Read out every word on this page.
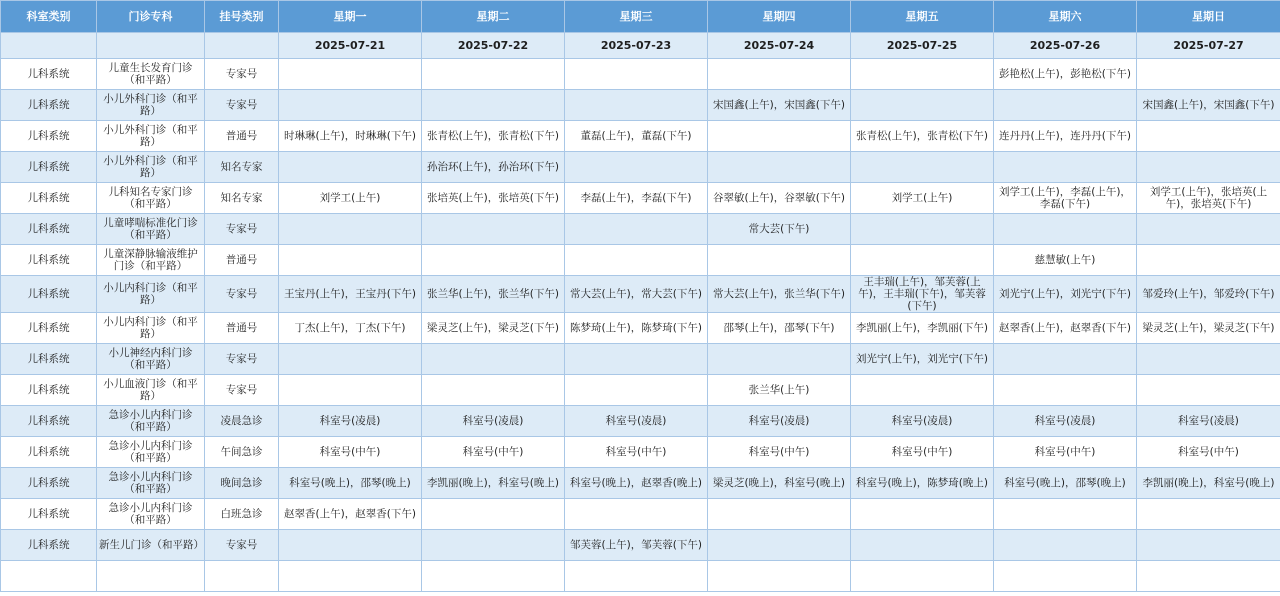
科室类别	门诊专科	挂号类别	星期一	星期二	星期三	星期四	星期五	星期六	星期日
			2025-07-21	2025-07-22	2025-07-23	2025-07-24	2025-07-25	2025-07-26	2025-07-27
儿科系统	儿童生长发育门诊（和平路）	专家号						彭艳松(上午)，彭艳松(下午)	
儿科系统	小儿外科门诊（和平路）	专家号				宋国鑫(上午)，宋国鑫(下午)			宋国鑫(上午)，宋国鑫(下午)
儿科系统	小儿外科门诊（和平路）	普通号	时琳琳(上午)，时琳琳(下午)	张青松(上午)，张青松(下午)	董磊(上午)，董磊(下午)		张青松(上午)，张青松(下午)	连丹丹(上午)，连丹丹(下午)	
儿科系统	小儿外科门诊（和平路）	知名专家		孙治环(上午)，孙治环(下午)					
儿科系统	儿科知名专家门诊（和平路）	知名专家	刘学工(上午)	张培英(上午)，张培英(下午)	李磊(上午)，李磊(下午)	谷翠敏(上午)，谷翠敏(下午)	刘学工(上午)	刘学工(上午)，李磊(上午)，李磊(下午)	刘学工(上午)，张培英(上午)，张培英(下午)
儿科系统	儿童哮喘标准化门诊（和平路）	专家号				常大芸(下午)			
儿科系统	儿童深静脉输液维护门诊（和平路）	普通号						慈慧敏(上午)	
儿科系统	小儿内科门诊（和平路）	专家号	王宝丹(上午)，王宝丹(下午)	张兰华(上午)，张兰华(下午)	常大芸(上午)，常大芸(下午)	常大芸(上午)，张兰华(下午)	王丰瑞(上午)，邹芙蓉(上午)，王丰瑞(下午)，邹芙蓉(下午)	刘光宁(上午)，刘光宁(下午)	邹爱玲(上午)，邹爱玲(下午)
儿科系统	小儿内科门诊（和平路）	普通号	丁杰(上午)，丁杰(下午)	梁灵芝(上午)，梁灵芝(下午)	陈梦琦(上午)，陈梦琦(下午)	邵琴(上午)，邵琴(下午)	李凯丽(上午)，李凯丽(下午)	赵翠香(上午)，赵翠香(下午)	梁灵芝(上午)，梁灵芝(下午)
儿科系统	小儿神经内科门诊（和平路）	专家号					刘光宁(上午)，刘光宁(下午)		
儿科系统	小儿血液门诊（和平路）	专家号				张兰华(上午)			
儿科系统	急诊小儿内科门诊（和平路）	凌晨急诊	科室号(凌晨)	科室号(凌晨)	科室号(凌晨)	科室号(凌晨)	科室号(凌晨)	科室号(凌晨)	科室号(凌晨)
儿科系统	急诊小儿内科门诊（和平路）	午间急诊	科室号(中午)	科室号(中午)	科室号(中午)	科室号(中午)	科室号(中午)	科室号(中午)	科室号(中午)
儿科系统	急诊小儿内科门诊（和平路）	晚间急诊	科室号(晚上)，邵琴(晚上)	李凯丽(晚上)，科室号(晚上)	科室号(晚上)，赵翠香(晚上)	梁灵芝(晚上)，科室号(晚上)	科室号(晚上)，陈梦琦(晚上)	科室号(晚上)，邵琴(晚上)	李凯丽(晚上)，科室号(晚上)
儿科系统	急诊小儿内科门诊（和平路）	白班急诊	赵翠香(上午)，赵翠香(下午)						
儿科系统	新生儿门诊（和平路）	专家号			邹芙蓉(上午)，邹芙蓉(下午)				
